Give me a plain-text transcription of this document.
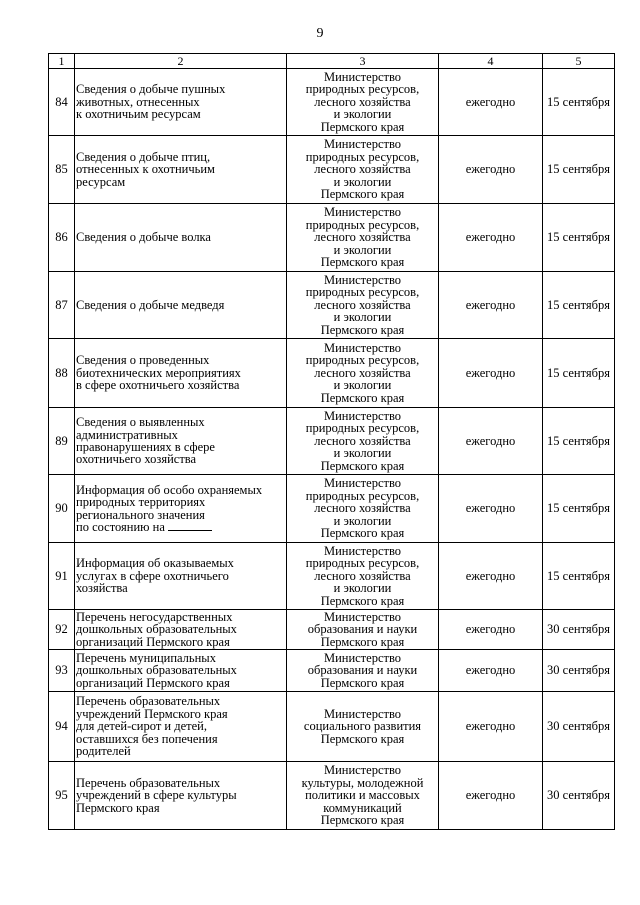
9
1	2	3	4	5
84	Сведения о добыче пушных
животных, отнесенных
к охотничьим ресурсам	Министерство
природных ресурсов,
лесного хозяйства
и экологии
Пермского края	ежегодно	15 сентября
85	Сведения о добыче птиц,
отнесенных к охотничьим
ресурсам	Министерство
природных ресурсов,
лесного хозяйства
и экологии
Пермского края	ежегодно	15 сентября
86	Сведения о добыче волка	Министерство
природных ресурсов,
лесного хозяйства
и экологии
Пермского края	ежегодно	15 сентября
87	Сведения о добыче медведя	Министерство
природных ресурсов,
лесного хозяйства
и экологии
Пермского края	ежегодно	15 сентября
88	Сведения о проведенных
биотехнических мероприятиях
в сфере охотничьего хозяйства	Министерство
природных ресурсов,
лесного хозяйства
и экологии
Пермского края	ежегодно	15 сентября
89	Сведения о выявленных
административных
правонарушениях в сфере
охотничьего хозяйства	Министерство
природных ресурсов,
лесного хозяйства
и экологии
Пермского края	ежегодно	15 сентября
90	Информация об особо охраняемых
природных территориях
регионального значения
по состоянию на	Министерство
природных ресурсов,
лесного хозяйства
и экологии
Пермского края	ежегодно	15 сентября
91	Информация об оказываемых
услугах в сфере охотничьего
хозяйства	Министерство
природных ресурсов,
лесного хозяйства
и экологии
Пермского края	ежегодно	15 сентября
92	Перечень негосударственных
дошкольных образовательных
организаций Пермского края	Министерство
образования и науки
Пермского края	ежегодно	30 сентября
93	Перечень муниципальных
дошкольных образовательных
организаций Пермского края	Министерство
образования и науки
Пермского края	ежегодно	30 сентября
94	Перечень образовательных
учреждений Пермского края
для детей-сирот и детей,
оставшихся без попечения
родителей	Министерство
социального развития
Пермского края	ежегодно	30 сентября
95	Перечень образовательных
учреждений в сфере культуры
Пермского края	Министерство
культуры, молодежной
политики и массовых
коммуникаций
Пермского края	ежегодно	30 сентября
